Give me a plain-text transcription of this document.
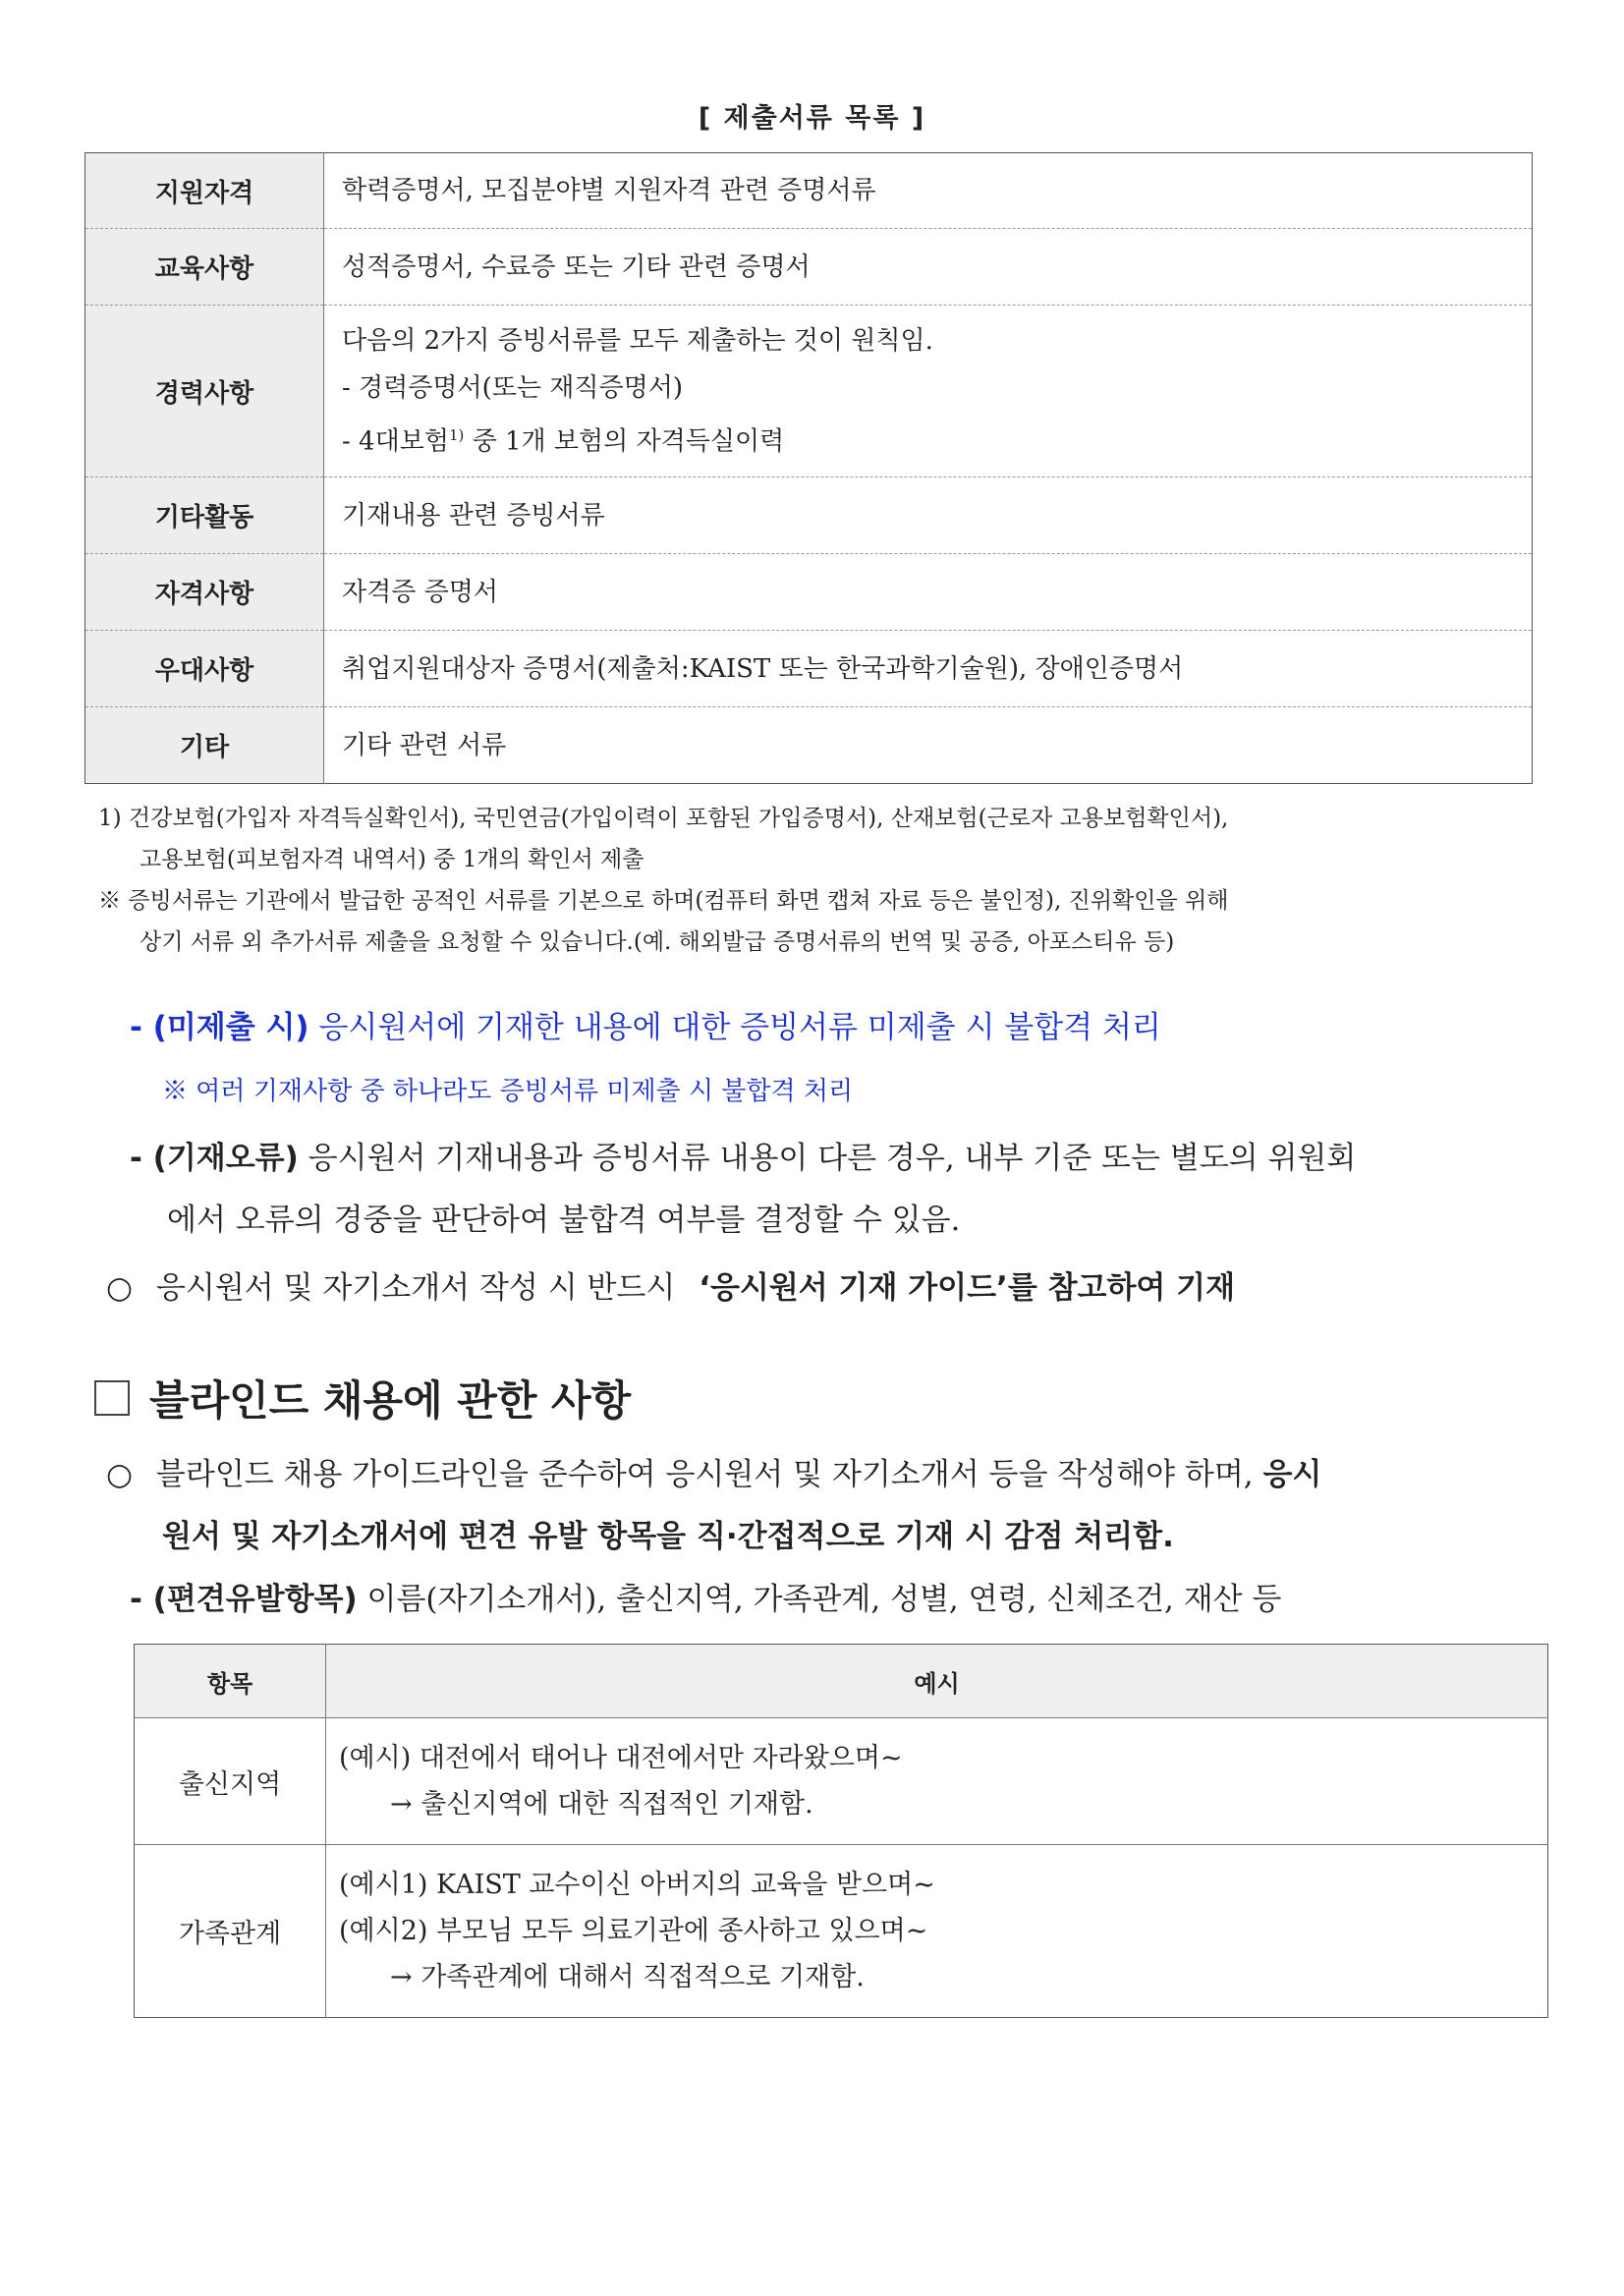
[ 제출서류 목록 ]
지원자격	학력증명서, 모집분야별 지원자격 관련 증명서류

교육사항	성적증명서, 수료증 또는 기타 관련 증명서

경력사항	다음의 2가지 증빙서류를 모두 제출하는 것이 원칙임.
- 경력증명서(또는 재직증명서)
- 4대보험$^{1)}$ 중 1개 보험의 자격득실이력

기타활동	기재내용 관련 증빙서류

자격사항	자격증 증명서

우대사항	취업지원대상자 증명서(제출처:KAIST 또는 한국과학기술원), 장애인증명서

기타	기타 관련 서류
1) 건강보험(가입자 자격득실확인서), 국민연금(가입이력이 포함된 가입증명서), 산재보험(근로자 고용보험확인서),
고용보험(피보험자격 내역서) 중 1개의 확인서 제출
※ 증빙서류는 기관에서 발급한 공적인 서류를 기본으로 하며(컴퓨터 화면 캡쳐 자료 등은 불인정), 진위확인을 위해
상기 서류 외 추가서류 제출을 요청할 수 있습니다.(예. 해외발급 증명서류의 번역 및 공증, 아포스티유 등)
- (미제출 시) 응시원서에 기재한 내용에 대한 증빙서류 미제출 시 불합격 처리
※ 여러 기재사항 중 하나라도 증빙서류 미제출 시 불합격 처리
- (기재오류) 응시원서 기재내용과 증빙서류 내용이 다른 경우, 내부 기준 또는 별도의 위원회
에서 오류의 경중을 판단하여 불합격 여부를 결정할 수 있음.
○ 응시원서 및 자기소개서 작성 시 반드시 ‘응시원서 기재 가이드’를 참고하여 기재
블라인드 채용에 관한 사항
○ 블라인드 채용 가이드라인을 준수하여 응시원서 및 자기소개서 등을 작성해야 하며, 응시
원서 및 자기소개서에 편견 유발 항목을 직·간접적으로 기재 시 감점 처리함.
- (편견유발항목) 이름(자기소개서), 출신지역, 가족관계, 성별, 연령, 신체조건, 재산 등
항목	예시
출신지역	(예시) 대전에서 태어나 대전에서만 자라왔으며~
→ 출신지역에 대한 직접적인 기재함.

가족관계	(예시1) KAIST 교수이신 아버지의 교육을 받으며~
(예시2) 부모님 모두 의료기관에 종사하고 있으며~
→ 가족관계에 대해서 직접적으로 기재함.
